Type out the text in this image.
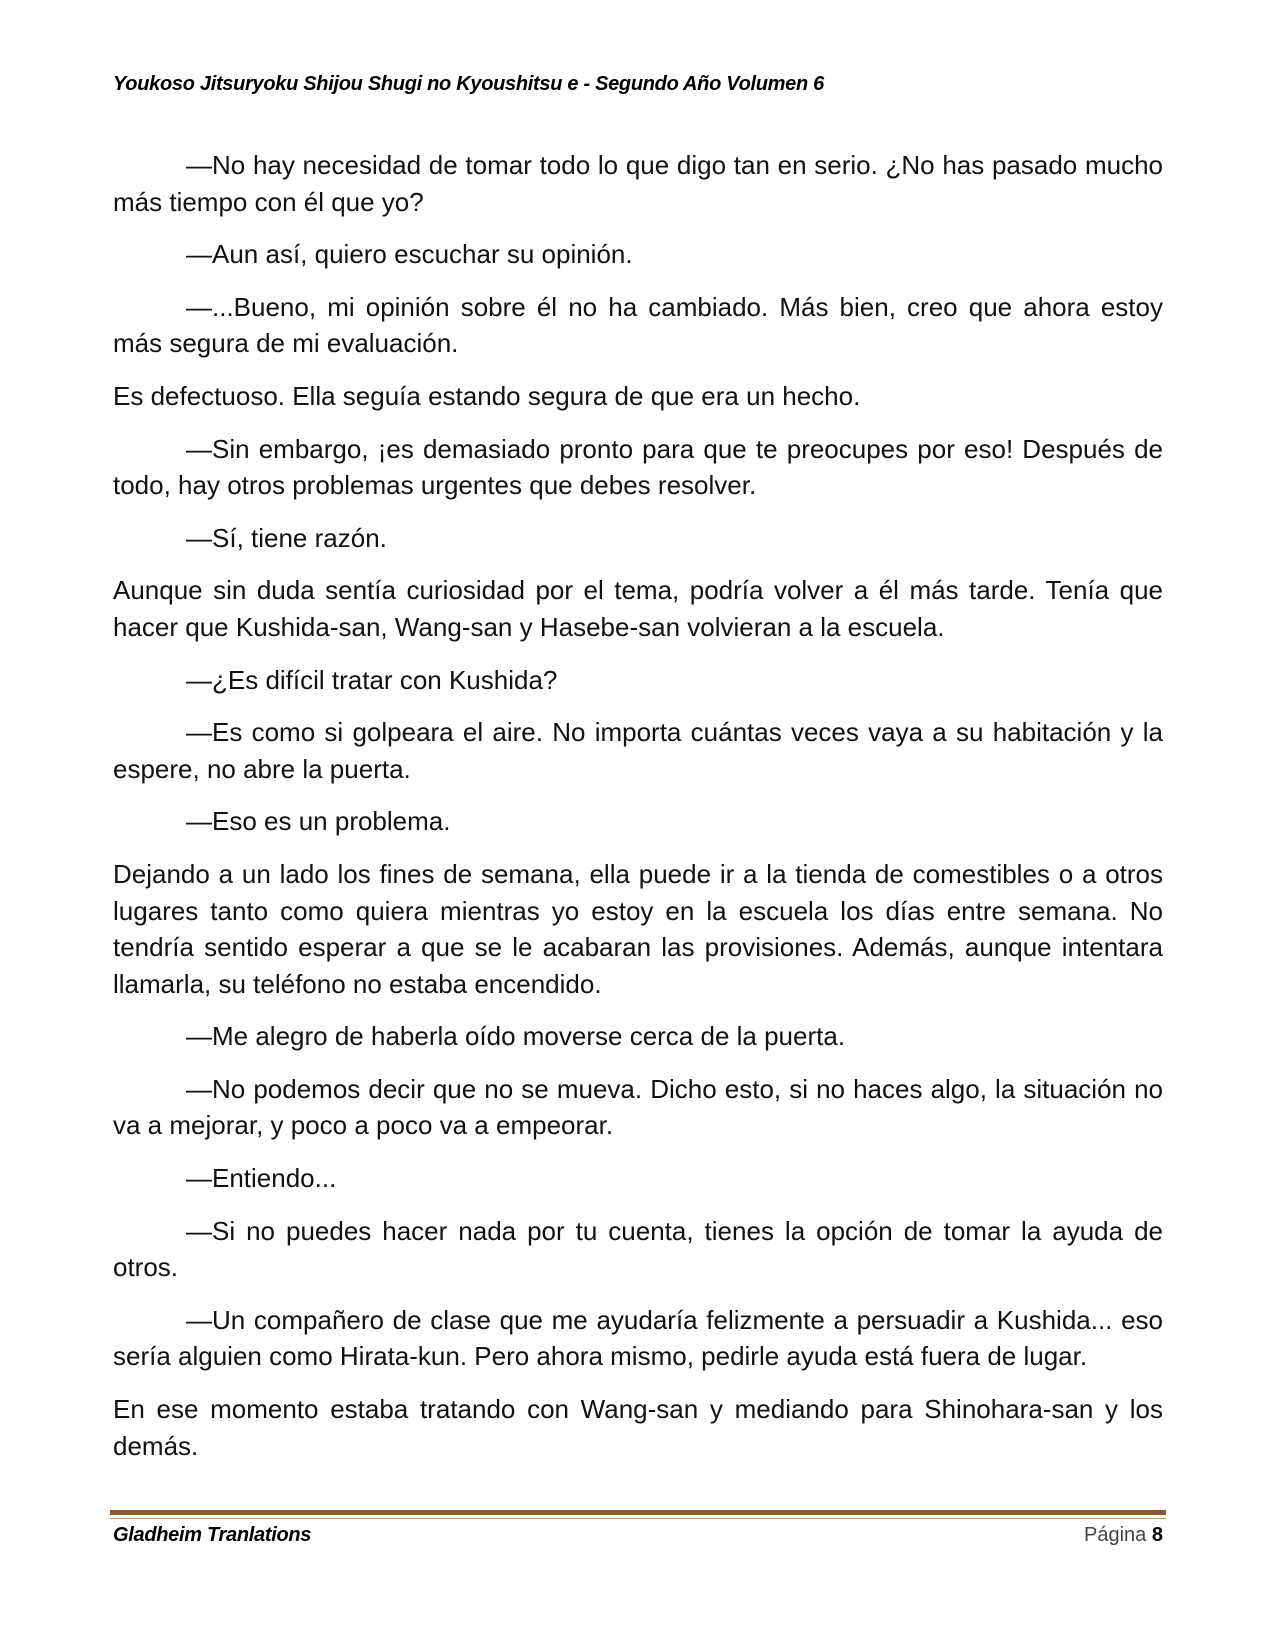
Youkoso Jitsuryoku Shijou Shugi no Kyoushitsu e - Segundo Año Volumen 6

—No hay necesidad de tomar todo lo que digo tan en serio. ¿No has pasado mucho más tiempo con él que yo?

—Aun así, quiero escuchar su opinión.

—...Bueno, mi opinión sobre él no ha cambiado. Más bien, creo que ahora estoy más segura de mi evaluación.

Es defectuoso. Ella seguía estando segura de que era un hecho.

—Sin embargo, ¡es demasiado pronto para que te preocupes por eso! Después de todo, hay otros problemas urgentes que debes resolver.

—Sí, tiene razón.

Aunque sin duda sentía curiosidad por el tema, podría volver a él más tarde. Tenía que hacer que Kushida-san, Wang-san y Hasebe-san volvieran a la escuela.

—¿Es difícil tratar con Kushida?

—Es como si golpeara el aire. No importa cuántas veces vaya a su habitación y la espere, no abre la puerta.

—Eso es un problema.

Dejando a un lado los fines de semana, ella puede ir a la tienda de comestibles o a otros lugares tanto como quiera mientras yo estoy en la escuela los días entre semana. No tendría sentido esperar a que se le acabaran las provisiones. Además, aunque intentara llamarla, su teléfono no estaba encendido.

—Me alegro de haberla oído moverse cerca de la puerta.

—No podemos decir que no se mueva. Dicho esto, si no haces algo, la situación no va a mejorar, y poco a poco va a empeorar.

—Entiendo...

—Si no puedes hacer nada por tu cuenta, tienes la opción de tomar la ayuda de otros.

—Un compañero de clase que me ayudaría felizmente a persuadir a Kushida... eso sería alguien como Hirata-kun. Pero ahora mismo, pedirle ayuda está fuera de lugar.

En ese momento estaba tratando con Wang-san y mediando para Shinohara-san y los demás.

Gladheim Tranlations	Página 8
